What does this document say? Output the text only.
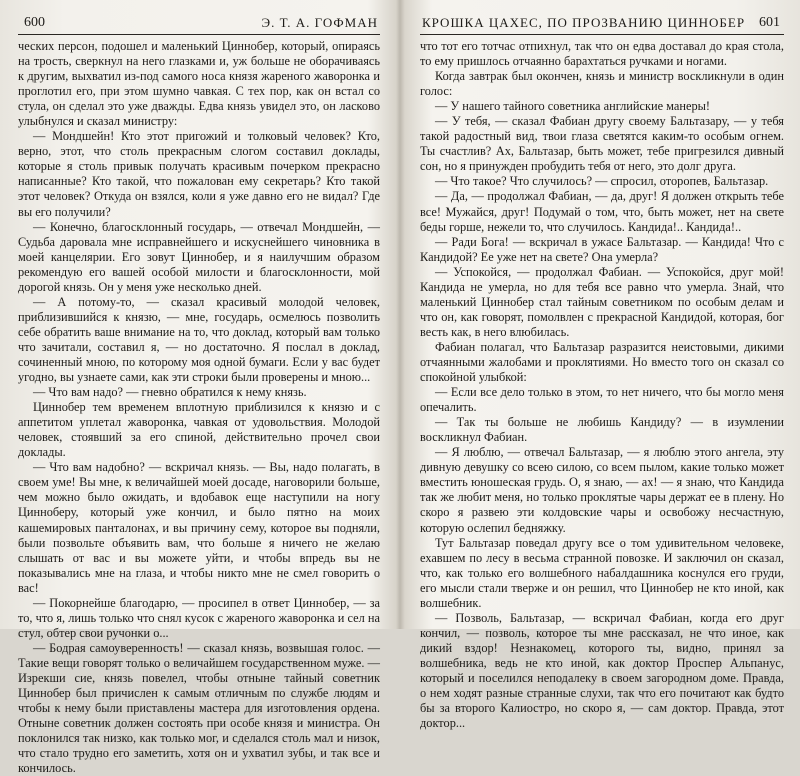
600	Э. Т. А. ГОФМАН

ческих персон, подошел и маленький Циннобер, который, опираясь на трость, сверкнул на него глазками и, уж больше не оборачиваясь к другим, выхватил из-под самого носа князя жареного жаворонка и проглотил его, при этом шумно чавкая. С тех пор, как он встал со стула, он сделал это уже дважды. Едва князь увидел это, он ласково улыбнулся и сказал министру:

— Мондшейн! Кто этот пригожий и толковый человек? Кто, верно, этот, что столь прекрасным слогом составил доклады, которые я столь привык получать красивым почерком прекрасно написанные? Кто такой, что пожалован ему секретарь? Кто такой этот человек? Откуда он взялся, коли я уже давно его не видал? Где вы его получили?

— Конечно, благосклонный государь, — отвечал Мондшейн, — Судьба даровала мне исправнейшего и искуснейшего чиновника в моей канцелярии. Его зовут Циннобер, и я наилучшим образом рекомендую его вашей особой милости и благосклонности, мой дорогой князь. Он у меня уже несколько дней.

— А потому-то, — сказал красивый молодой человек, приблизившийся к князю, — мне, государь, осмелюсь позволить себе обратить ваше внимание на то, что доклад, который вам только что зачитали, составил я, — но достаточно. Я послал в доклад, сочиненный мною, по которому моя одной бумаги. Если у вас будет угодно, вы узнаете сами, как эти строки были проверены и мною...

— Что вам надо? — гневно обратился к нему князь.

Циннобер тем временем вплотную приблизился к князю и с аппетитом уплетал жаворонка, чавкая от удовольствия. Молодой человек, стоявший за его спиной, действительно прочел свои доклады.

— Что вам надобно? — вскричал князь. — Вы, надо полагать, в своем уме! Вы мне, к величайшей моей досаде, наговорили больше, чем можно было ожидать, и вдобавок еще наступили на ногу Цинноберу, который уже кончил, и было пятно на моих кашемировых панталонах, и вы причину сему, которое вы подняли, были позвольте объявить вам, что больше я ничего не желаю слышать от вас и вы можете уйти, и чтобы впредь вы не показывались мне на глаза, и чтобы никто мне не смел говорить о вас!

— Покорнейше благодарю, — просипел в ответ Циннобер, — за то, что я, лишь только что снял кусок с жареного жаворонка и сел на стул, обтер свои ручонки о...

— Бодрая самоуверенность! — сказал князь, возвышая голос. — Такие вещи говорят только о величайшем государственном муже. — Изрекши сие, князь повелел, чтобы отныне тайный советник Циннобер был причислен к самым отличным по службе людям и чтобы к нему были приставлены мастера для изготовления ордена. Отныне советник должен состоять при особе князя и министра. Он поклонился так низко, как только мог, и сделался столь мал и низок, что стало трудно его заметить, хотя он и ухватил зубы, и так все и кончилось.

КРОШКА ЦАХЕС, ПО ПРОЗВАНИЮ ЦИННОБЕР 601

что тот его тотчас отпихнул, так что он едва доставал до края стола, то ему пришлось отчаянно барахтаться ручками и ногами.

Когда завтрак был окончен, князь и министр воскликнули в один голос:

— У нашего тайного советника английские манеры!

— У тебя, — сказал Фабиан другу своему Бальтазару, — у тебя такой радостный вид, твои глаза светятся каким-то особым огнем. Ты счастлив? Ах, Бальтазар, быть может, тебе пригрезился дивный сон, но я принужден пробудить тебя от него, это долг друга.

— Что такое? Что случилось? — спросил, оторопев, Бальтазар.

— Да, — продолжал Фабиан, — да, друг! Я должен открыть тебе все! Мужайся, друг! Подумай о том, что, быть может, нет на свете беды горше, нежели то, что случилось. Кандида!.. Кандида!..

— Ради Бога! — вскричал в ужасе Бальтазар. — Кандида! Что с Кандидой? Ее уже нет на свете? Она умерла?

— Успокойся, — продолжал Фабиан. — Успокойся, друг мой! Кандида не умерла, но для тебя все равно что умерла. Знай, что маленький Циннобер стал тайным советником по особым делам и что он, как говорят, помолвлен с прекрасной Кандидой, которая, бог весть как, в него влюбилась.

Фабиан полагал, что Бальтазар разразится неистовыми, дикими отчаянными жалобами и проклятиями. Но вместо того он сказал со спокойной улыбкой:

— Если все дело только в этом, то нет ничего, что бы могло меня опечалить.

— Так ты больше не любишь Кандиду? — в изумлении воскликнул Фабиан.

— Я люблю, — отвечал Бальтазар, — я люблю этого ангела, эту дивную девушку со всею силою, со всем пылом, какие только может вместить юношеская грудь. О, я знаю, — ах! — я знаю, что Кандида так же любит меня, но только проклятые чары держат ее в плену. Но скоро я развею эти колдовские чары и освобожу несчастную, которую ослепил бедняжку.

Тут Бальтазар поведал другу все о том удивительном человеке, ехавшем по лесу в весьма странной повозке. И заключил он сказал, что, как только его волшебного набалдашника коснулся его груди, его мысли стали тверже и он решил, что Циннобер не кто иной, как волшебник.

— Позволь, Бальтазар, — вскричал Фабиан, когда его друг кончил, — позволь, которое ты мне рассказал, не что иное, как дикий вздор! Незнакомец, которого ты, видно, принял за волшебника, ведь не кто иной, как доктор Проспер Альпанус, который и поселился неподалеку в своем загородном доме. Правда, о нем ходят разные странные слухи, так что его почитают как будто бы за второго Калиостро, но скоро я, — сам доктор. Правда, этот доктор...
